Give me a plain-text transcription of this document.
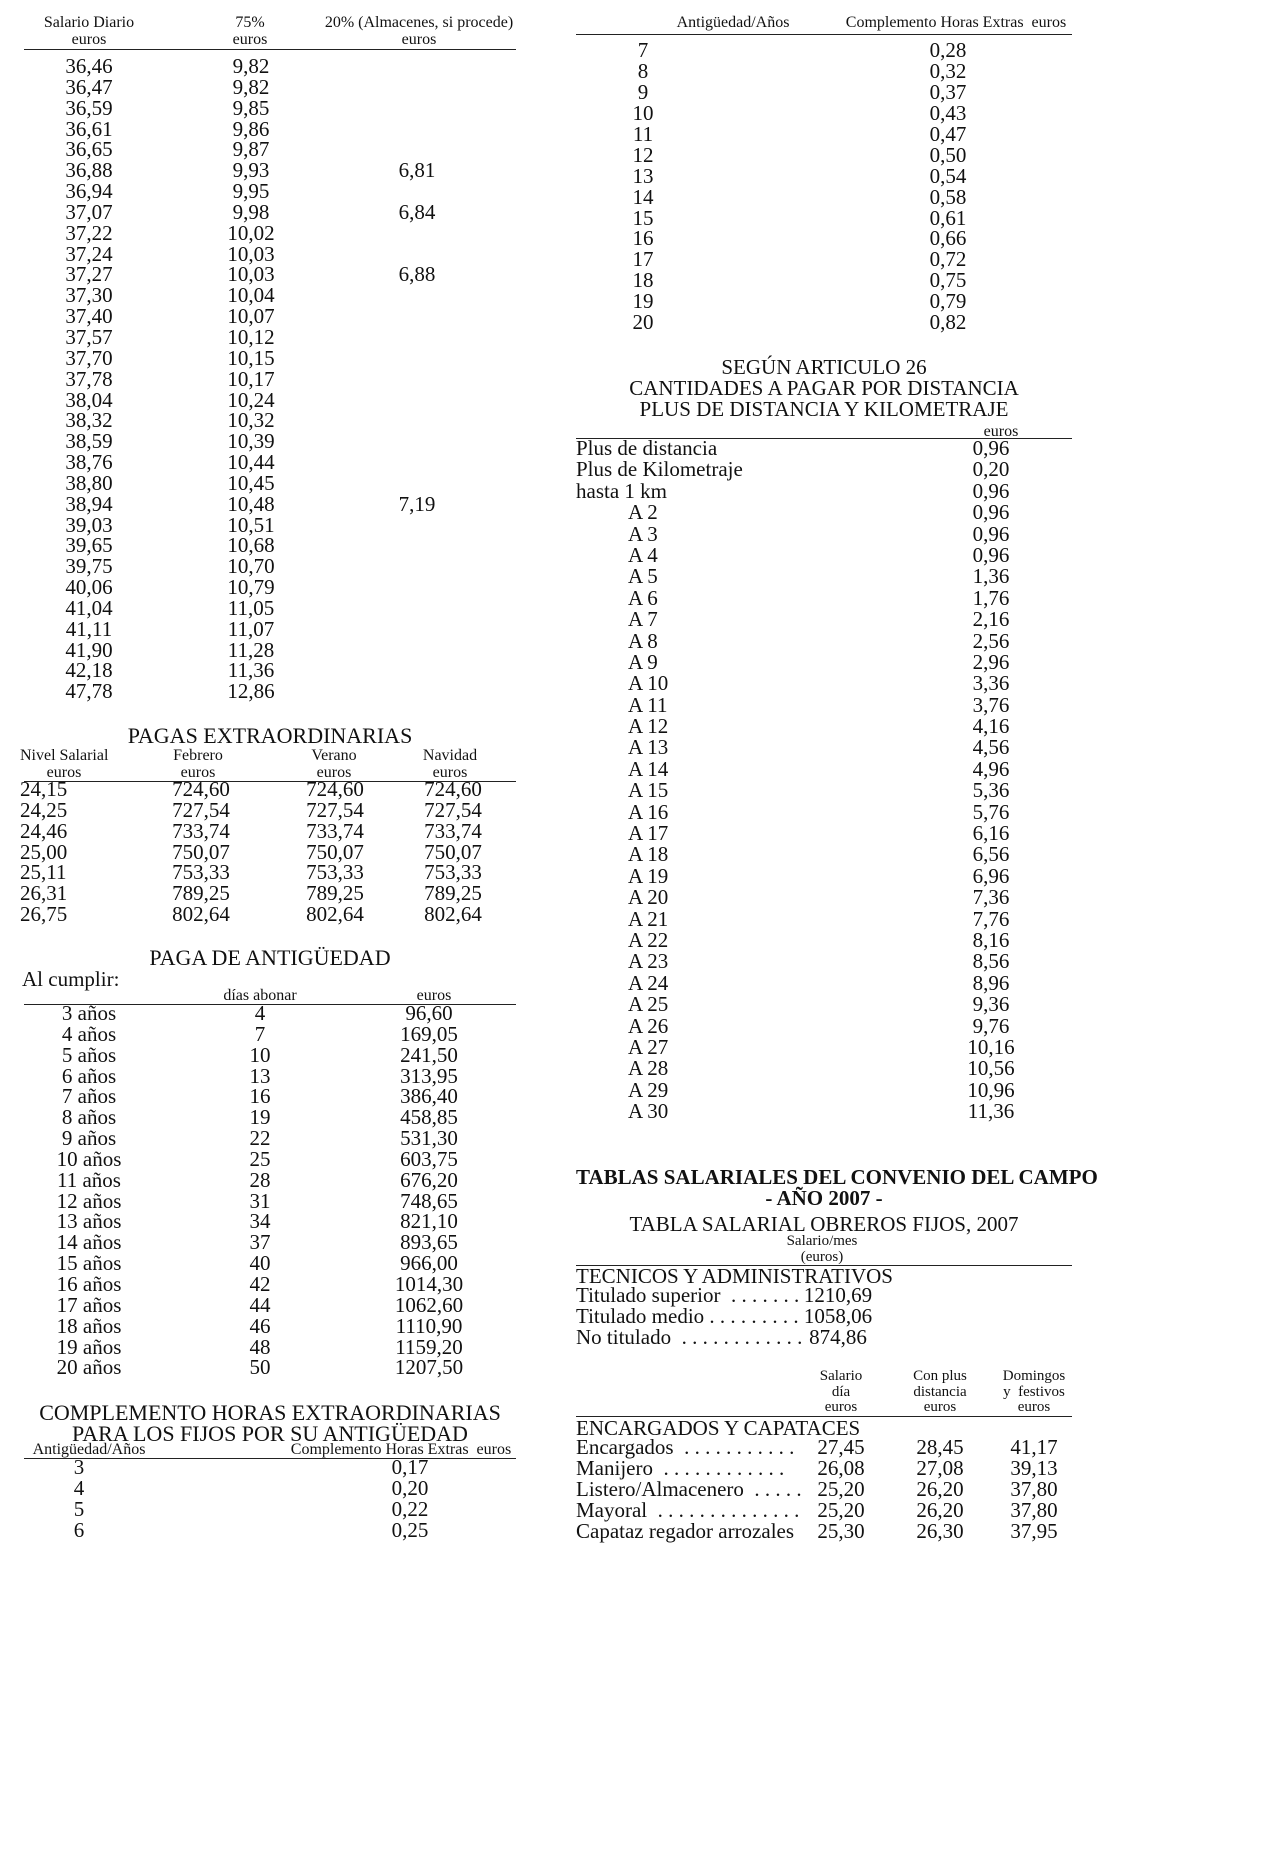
Salario Diario
euros
75%
euros
20% (Almacenes, si procede)
euros
36,46	9,82
36,47	9,82
36,59	9,85
36,61	9,86
36,65	9,87
36,88	9,93	6,81
36,94	9,95
37,07	9,98	6,84
37,22	10,02
37,24	10,03
37,27	10,03	6,88
37,30	10,04
37,40	10,07
37,57	10,12
37,70	10,15
37,78	10,17
38,04	10,24
38,32	10,32
38,59	10,39
38,76	10,44
38,80	10,45
38,94	10,48	7,19
39,03	10,51
39,65	10,68
39,75	10,70
40,06	10,79
41,04	11,05
41,11	11,07
41,90	11,28
42,18	11,36
47,78	12,86
PAGAS EXTRAORDINARIAS
Nivel Salarial
euros
Febrero
euros
Verano
euros
Navidad
euros
24,15	724,60	724,60	724,60
24,25	727,54	727,54	727,54
24,46	733,74	733,74	733,74
25,00	750,07	750,07	750,07
25,11	753,33	753,33	753,33
26,31	789,25	789,25	789,25
26,75	802,64	802,64	802,64
PAGA DE ANTIGÜEDAD
Al cumplir:
días abonar	euros
3 años	4	96,60
4 años	7	169,05
5 años	10	241,50
6 años	13	313,95
7 años	16	386,40
8 años	19	458,85
9 años	22	531,30
10 años	25	603,75
11 años	28	676,20
12 años	31	748,65
13 años	34	821,10
14 años	37	893,65
15 años	40	966,00
16 años	42	1014,30
17 años	44	1062,60
18 años	46	1110,90
19 años	48	1159,20
20 años	50	1207,50
COMPLEMENTO HORAS EXTRAORDINARIAS
PARA LOS FIJOS POR SU ANTIGÜEDAD
Antigüedad/Años	Complemento Horas Extras  euros
3	0,17
4	0,20
5	0,22
6	0,25
Antigüedad/Años	Complemento Horas Extras  euros
7	0,28
8	0,32
9	0,37
10	0,43
11	0,47
12	0,50
13	0,54
14	0,58
15	0,61
16	0,66
17	0,72
18	0,75
19	0,79
20	0,82
SEGÚN ARTICULO 26
CANTIDADES A PAGAR POR DISTANCIA
PLUS DE DISTANCIA Y KILOMETRAJE
euros
Plus de distancia	0,96
Plus de Kilometraje	0,20
hasta 1 km	0,96
A 2	0,96
A 3	0,96
A 4	0,96
A 5	1,36
A 6	1,76
A 7	2,16
A 8	2,56
A 9	2,96
A 10	3,36
A 11	3,76
A 12	4,16
A 13	4,56
A 14	4,96
A 15	5,36
A 16	5,76
A 17	6,16
A 18	6,56
A 19	6,96
A 20	7,36
A 21	7,76
A 22	8,16
A 23	8,56
A 24	8,96
A 25	9,36
A 26	9,76
A 27	10,16
A 28	10,56
A 29	10,96
A 30	11,36
TABLAS SALARIALES DEL CONVENIO DEL CAMPO
- AÑO 2007 -
TABLA SALARIAL OBREROS FIJOS, 2007
Salario/mes
(euros)
TECNICOS Y ADMINISTRATIVOS
Titulado superior  . . . . . . . 1210,69
Titulado medio . . . . . . . . . 1058,06
No titulado  . . . . . . . . . . . . 874,86
Salario
día
euros
Con plus
distancia
euros
Domingos
y  festivos
euros
ENCARGADOS Y CAPATACES
Encargados  . . . . . . . . . . . 27,45	28,45	41,17
Manijero  . . . . . . . . . . . . 26,08	27,08	39,13
Listero/Almacenero  . . . . . 25,20	26,20	37,80
Mayoral  . . . . . . . . . . . . . . 25,20	26,20	37,80
Capataz regador arrozales 25,30	26,30	37,95
